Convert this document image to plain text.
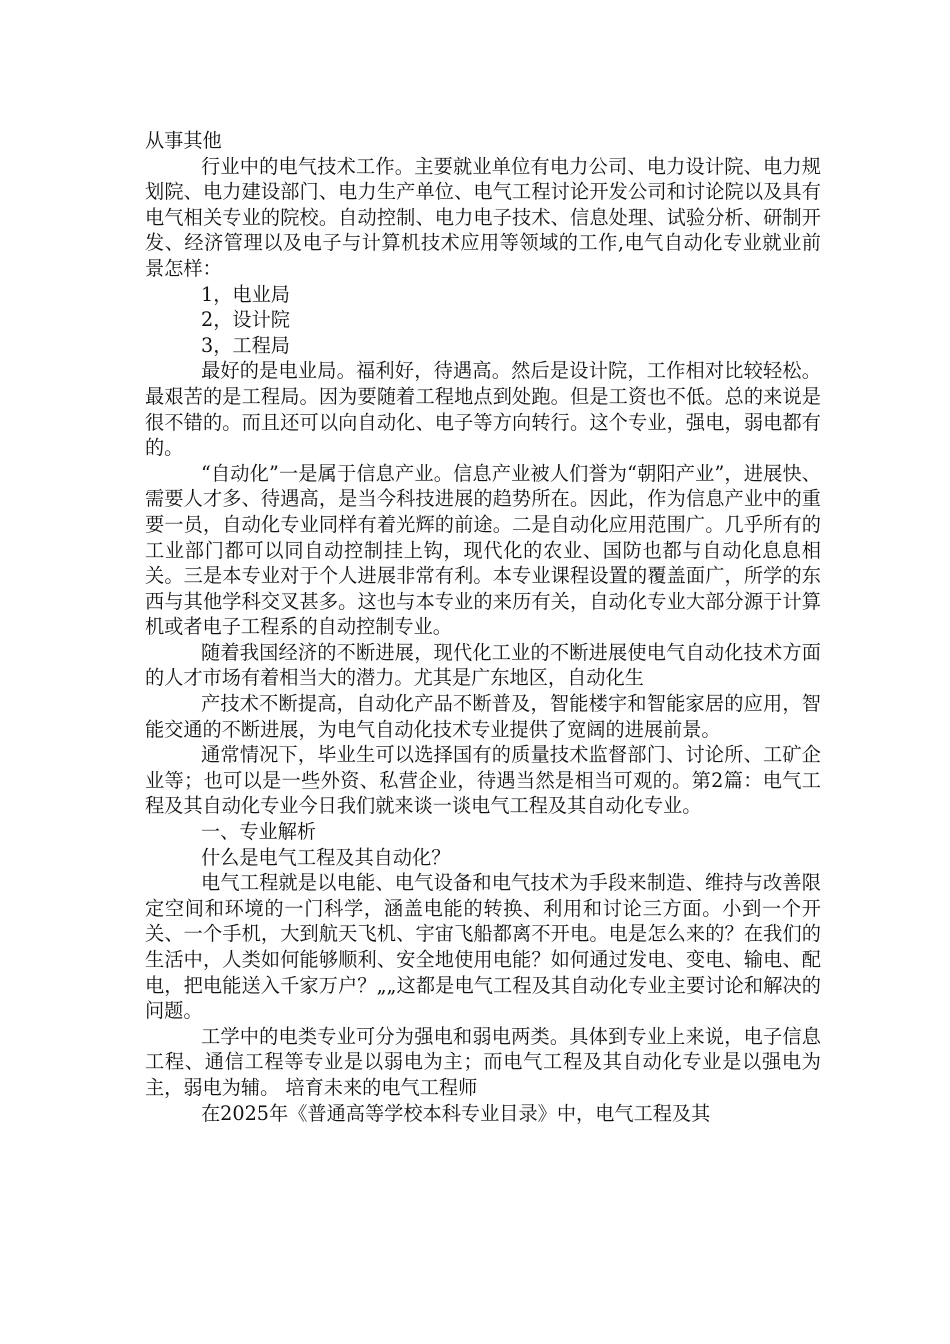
从事其他

行业中的电气技术工作。主要就业单位有电力公司、电力设计院、电力规划院、电力建设部门、电力生产单位、电气工程讨论开发公司和讨论院以及具有电气相关专业的院校。自动控制、电力电子技术、信息处理、试验分析、研制开发、经济管理以及电子与计算机技术应用等领域的工作,电气自动化专业就业前景怎样：

1，电业局

2，设计院

3，工程局

最好的是电业局。福利好，待遇高。然后是设计院，工作相对比较轻松。最艰苦的是工程局。因为要随着工程地点到处跑。但是工资也不低。总的来说是很不错的。而且还可以向自动化、电子等方向转行。这个专业，强电，弱电都有的。

“自动化”一是属于信息产业。信息产业被人们誉为“朝阳产业”，进展快、需要人才多、待遇高，是当今科技进展的趋势所在。因此，作为信息产业中的重要一员，自动化专业同样有着光辉的前途。二是自动化应用范围广。几乎所有的工业部门都可以同自动控制挂上钩，现代化的农业、国防也都与自动化息息相关。三是本专业对于个人进展非常有利。本专业课程设置的覆盖面广，所学的东西与其他学科交叉甚多。这也与本专业的来历有关，自动化专业大部分源于计算机或者电子工程系的自动控制专业。

随着我国经济的不断进展，现代化工业的不断进展使电气自动化技术方面的人才市场有着相当大的潜力。尤其是广东地区，自动化生

产技术不断提高，自动化产品不断普及，智能楼宇和智能家居的应用，智能交通的不断进展，为电气自动化技术专业提供了宽阔的进展前景。

通常情况下，毕业生可以选择国有的质量技术监督部门、讨论所、工矿企业等；也可以是一些外资、私营企业，待遇当然是相当可观的。第2篇：电气工程及其自动化专业今日我们就来谈一谈电气工程及其自动化专业。

一、专业解析

什么是电气工程及其自动化？

电气工程就是以电能、电气设备和电气技术为手段来制造、维持与改善限定空间和环境的一门科学，涵盖电能的转换、利用和讨论三方面。小到一个开关、一个手机，大到航天飞机、宇宙飞船都离不开电。电是怎么来的？在我们的生活中，人类如何能够顺利、安全地使用电能？如何通过发电、变电、输电、配电，把电能送入千家万户？„„这都是电气工程及其自动化专业主要讨论和解决的问题。

工学中的电类专业可分为强电和弱电两类。具体到专业上来说，电子信息工程、通信工程等专业是以弱电为主；而电气工程及其自动化专业是以强电为主，弱电为辅。 培育未来的电气工程师

在2025年《普通高等学校本科专业目录》中，电气工程及其
